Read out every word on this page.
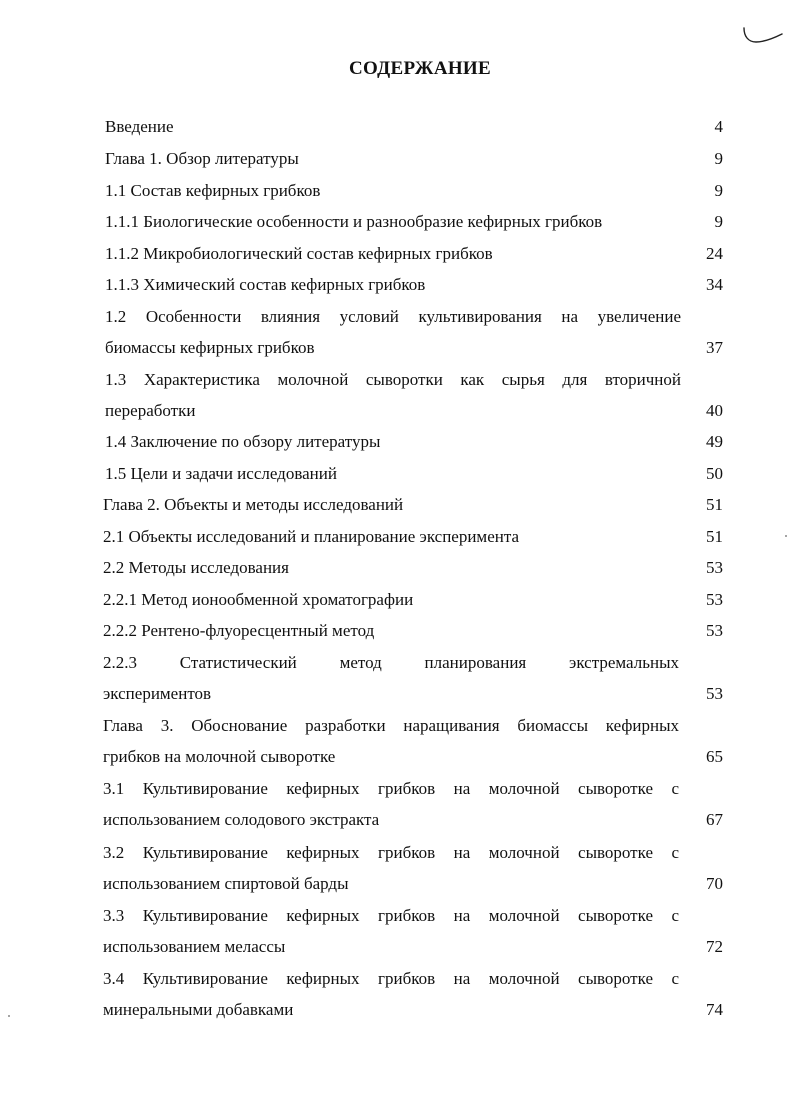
СОДЕРЖАНИЕ
Введение	4
Глава 1. Обзор литературы	9
1.1 Состав кефирных грибков	9
1.1.1 Биологические особенности и разнообразие кефирных грибков	9
1.1.2 Микробиологический состав кефирных грибков	24
1.1.3 Химический состав кефирных грибков	34
1.2 Особенности влияния условий культивирования на увеличение
биомассы кефирных грибков	37
1.3 Характеристика молочной сыворотки как сырья для вторичной
переработки	40
1.4 Заключение по обзору литературы	49
1.5 Цели и задачи исследований	50
Глава 2. Объекты и методы исследований	51
2.1 Объекты исследований и планирование эксперимента	51
2.2 Методы исследования	53
2.2.1 Метод ионообменной хроматографии	53
2.2.2 Рентено-флуоресцентный метод	53
2.2.3 Статистический метод планирования экстремальных
экспериментов	53
Глава 3. Обоснование разработки наращивания биомассы кефирных
грибков на молочной сыворотке	65
3.1 Культивирование кефирных грибков на молочной сыворотке с
использованием солодового экстракта	67
3.2 Культивирование кефирных грибков на молочной сыворотке с
использованием спиртовой барды	70
3.3 Культивирование кефирных грибков на молочной сыворотке с
использованием мелассы	72
3.4 Культивирование кефирных грибков на молочной сыворотке с
минеральными добавками	74
